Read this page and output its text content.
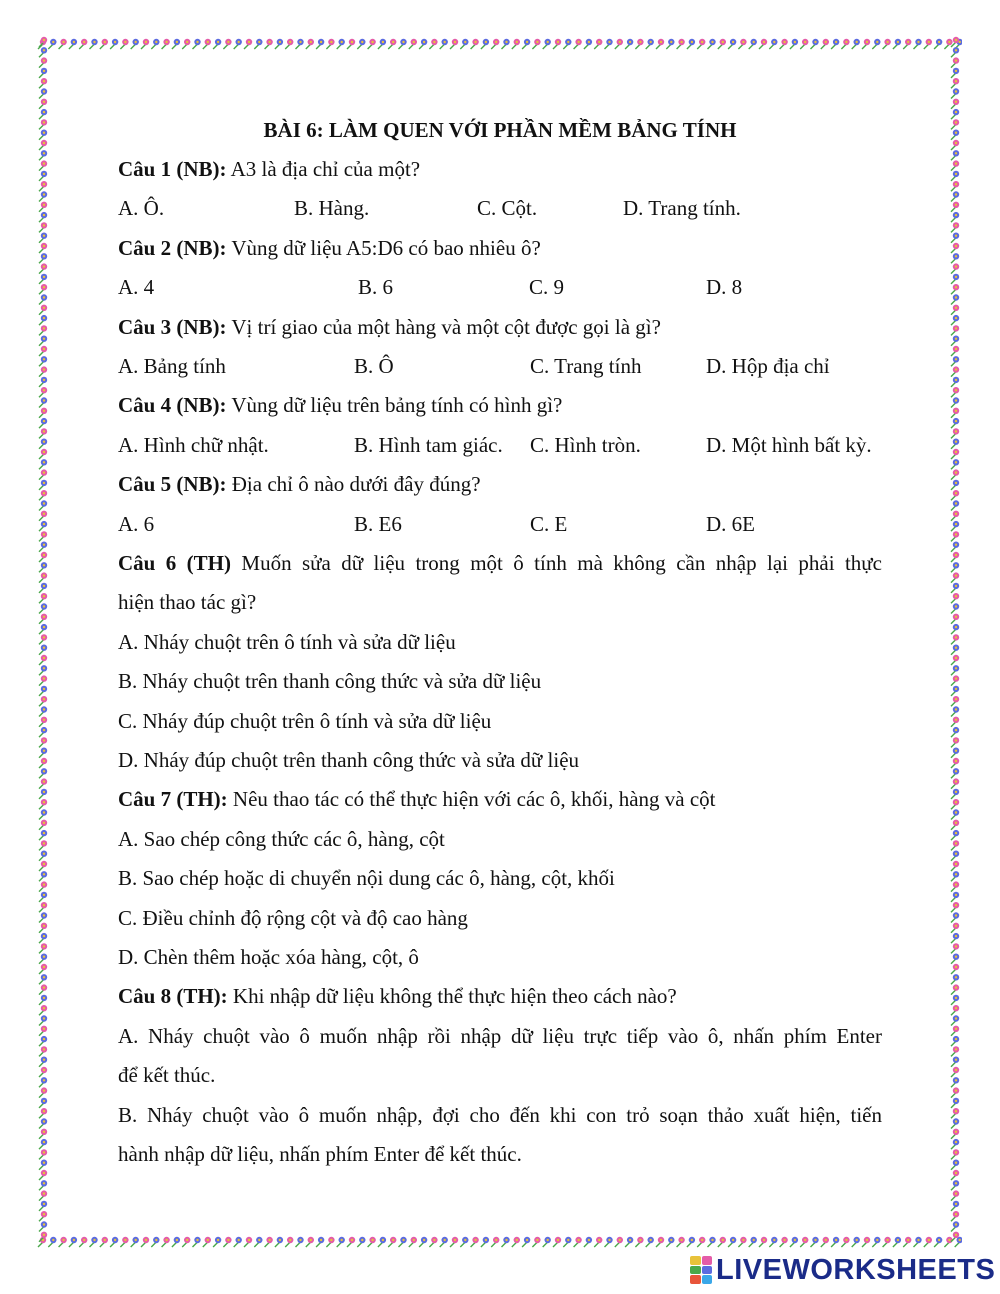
BÀI 6: LÀM QUEN VỚI PHẦN MỀM BẢNG TÍNH
Câu 1 (NB): A3 là địa chỉ của một?
A. Ô.	B. Hàng.	C. Cột.	D. Trang tính.
Câu 2 (NB): Vùng dữ liệu A5:D6 có bao nhiêu ô?
A. 4	B. 6	C. 9	D. 8
Câu 3 (NB): Vị trí giao của một hàng và một cột được gọi là gì?
A. Bảng tính	B. Ô	C. Trang tính	D. Hộp địa chỉ
Câu 4 (NB): Vùng dữ liệu trên bảng tính có hình gì?
A. Hình chữ nhật.	B. Hình tam giác.	C. Hình tròn.	D. Một hình bất kỳ.
Câu 5 (NB): Địa chỉ ô nào dưới đây đúng?
A. 6	B. E6	C. E	D. 6E
Câu 6 (TH) Muốn sửa dữ liệu trong một ô tính mà không cần nhập lại phải thực
hiện thao tác gì?
A. Nháy chuột trên ô tính và sửa dữ liệu
B. Nháy chuột trên thanh công thức và sửa dữ liệu
C. Nháy đúp chuột trên ô tính và sửa dữ liệu
D. Nháy đúp chuột trên thanh công thức và sửa dữ liệu
Câu 7 (TH): Nêu thao tác có thể thực hiện với các ô, khối, hàng và cột
A. Sao chép công thức các ô, hàng, cột
B. Sao chép hoặc di chuyển nội dung các ô, hàng, cột, khối
C. Điều chỉnh độ rộng cột và độ cao hàng
D. Chèn thêm hoặc xóa hàng, cột, ô
Câu 8 (TH): Khi nhập dữ liệu không thể thực hiện theo cách nào?
A. Nháy chuột vào ô muốn nhập rồi nhập dữ liệu trực tiếp vào ô, nhấn phím Enter
để kết thúc.
B. Nháy chuột vào ô muốn nhập, đợi cho đến khi con trỏ soạn thảo xuất hiện, tiến
hành nhập dữ liệu, nhấn phím Enter để kết thúc.
LIVEWORKSHEETS
